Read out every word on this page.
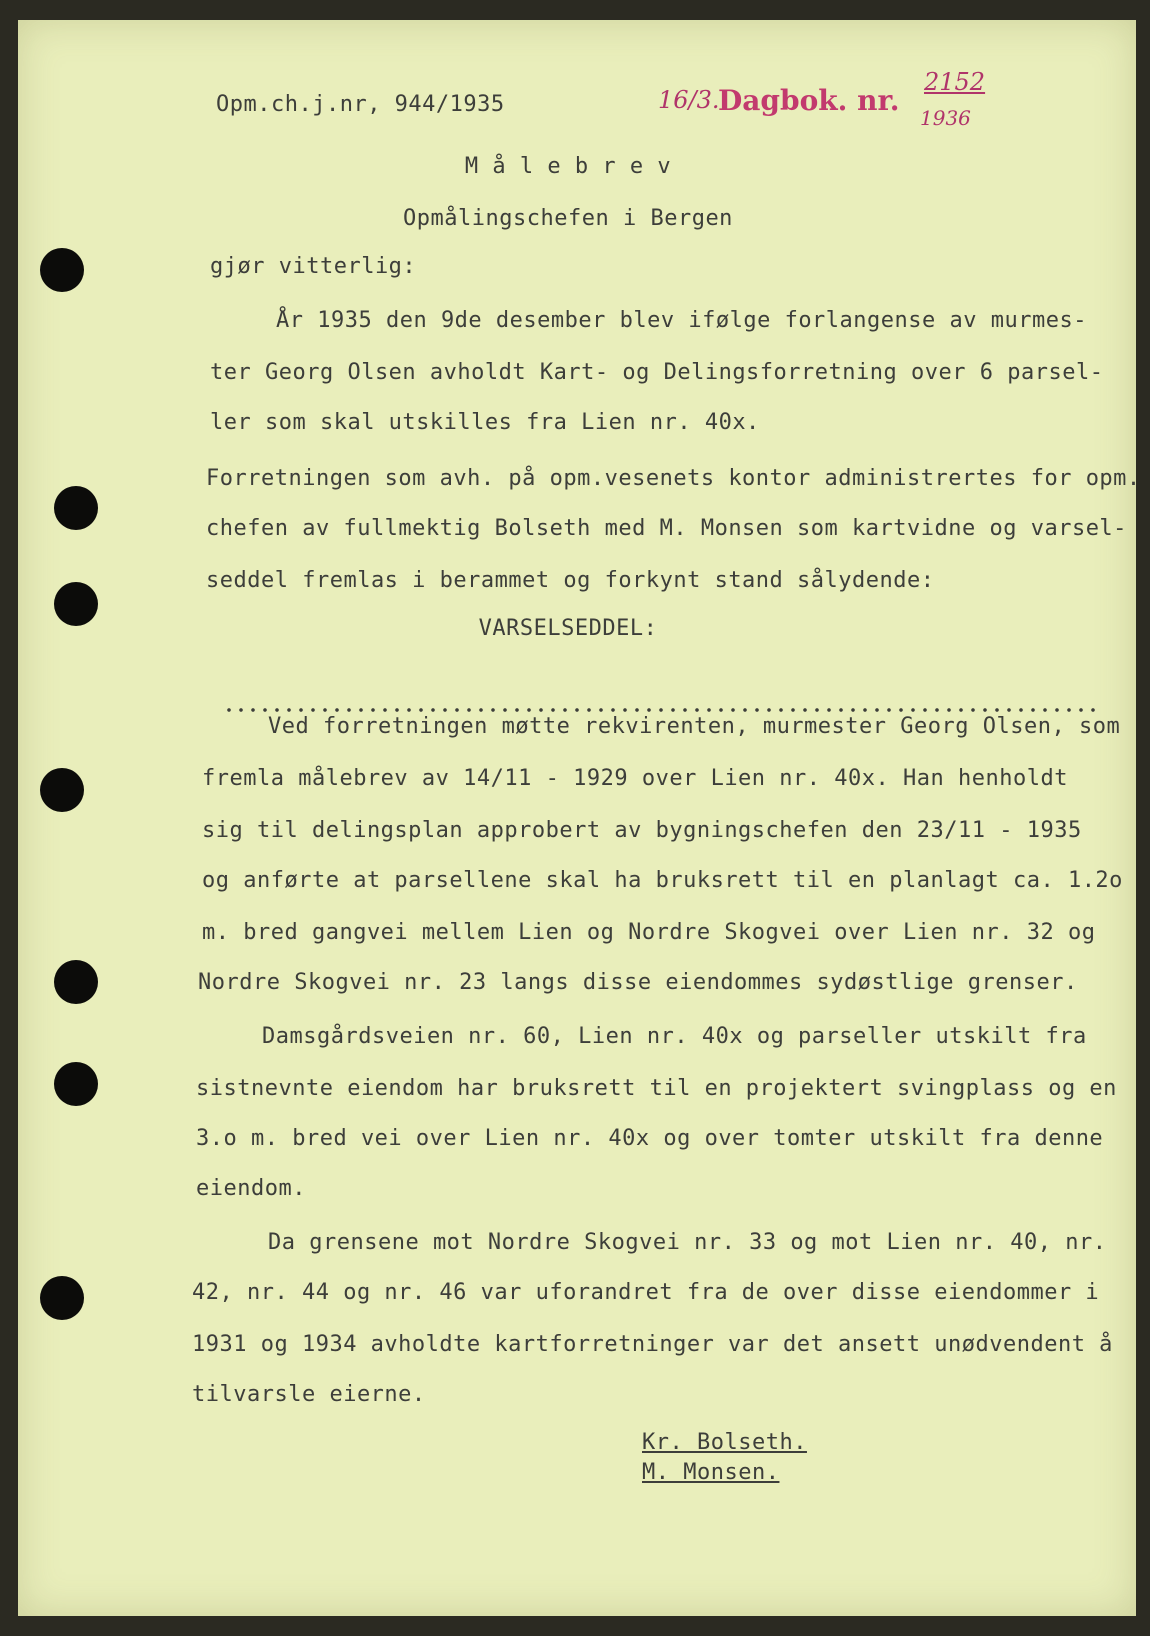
Opm.ch.j.nr, 944/1935	16/3.
Dagbok. nr.
2152
1936
M å l e b r e v
Opmålingschefen i Bergen
gjør vitterlig:
År 1935 den 9de desember blev ifølge forlangense av murmes-
ter Georg Olsen avholdt Kart- og Delingsforretning over 6 parsel-
ler som skal utskilles fra Lien nr. 40x.
Forretningen som avh. på opm.vesenets kontor administrertes for opm.
chefen av fullmektig Bolseth med M. Monsen som kartvidne og varsel-
seddel fremlas i berammet og forkynt stand sålydende:
VARSELSEDDEL:
Ved forretningen møtte rekvirenten, murmester Georg Olsen, som
fremla målebrev av 14/11 - 1929 over Lien nr. 40x. Han henholdt
sig til delingsplan approbert av bygningschefen den 23/11 - 1935
og anførte at parsellene skal ha bruksrett til en planlagt ca. 1.2o
m. bred gangvei mellem Lien og Nordre Skogvei over Lien nr. 32 og
Nordre Skogvei nr. 23 langs disse eiendommes sydøstlige grenser.
Damsgårdsveien nr. 60, Lien nr. 40x og parseller utskilt fra
sistnevnte eiendom har bruksrett til en projektert svingplass og en
3.o m. bred vei over Lien nr. 40x og over tomter utskilt fra denne
eiendom.
Da grensene mot Nordre Skogvei nr. 33 og mot Lien nr. 40, nr.
42, nr. 44 og nr. 46 var uforandret fra de over disse eiendommer i
1931 og 1934 avholdte kartforretninger var det ansett unødvendent å
tilvarsle eierne.
Kr. Bolseth.
M. Monsen.
